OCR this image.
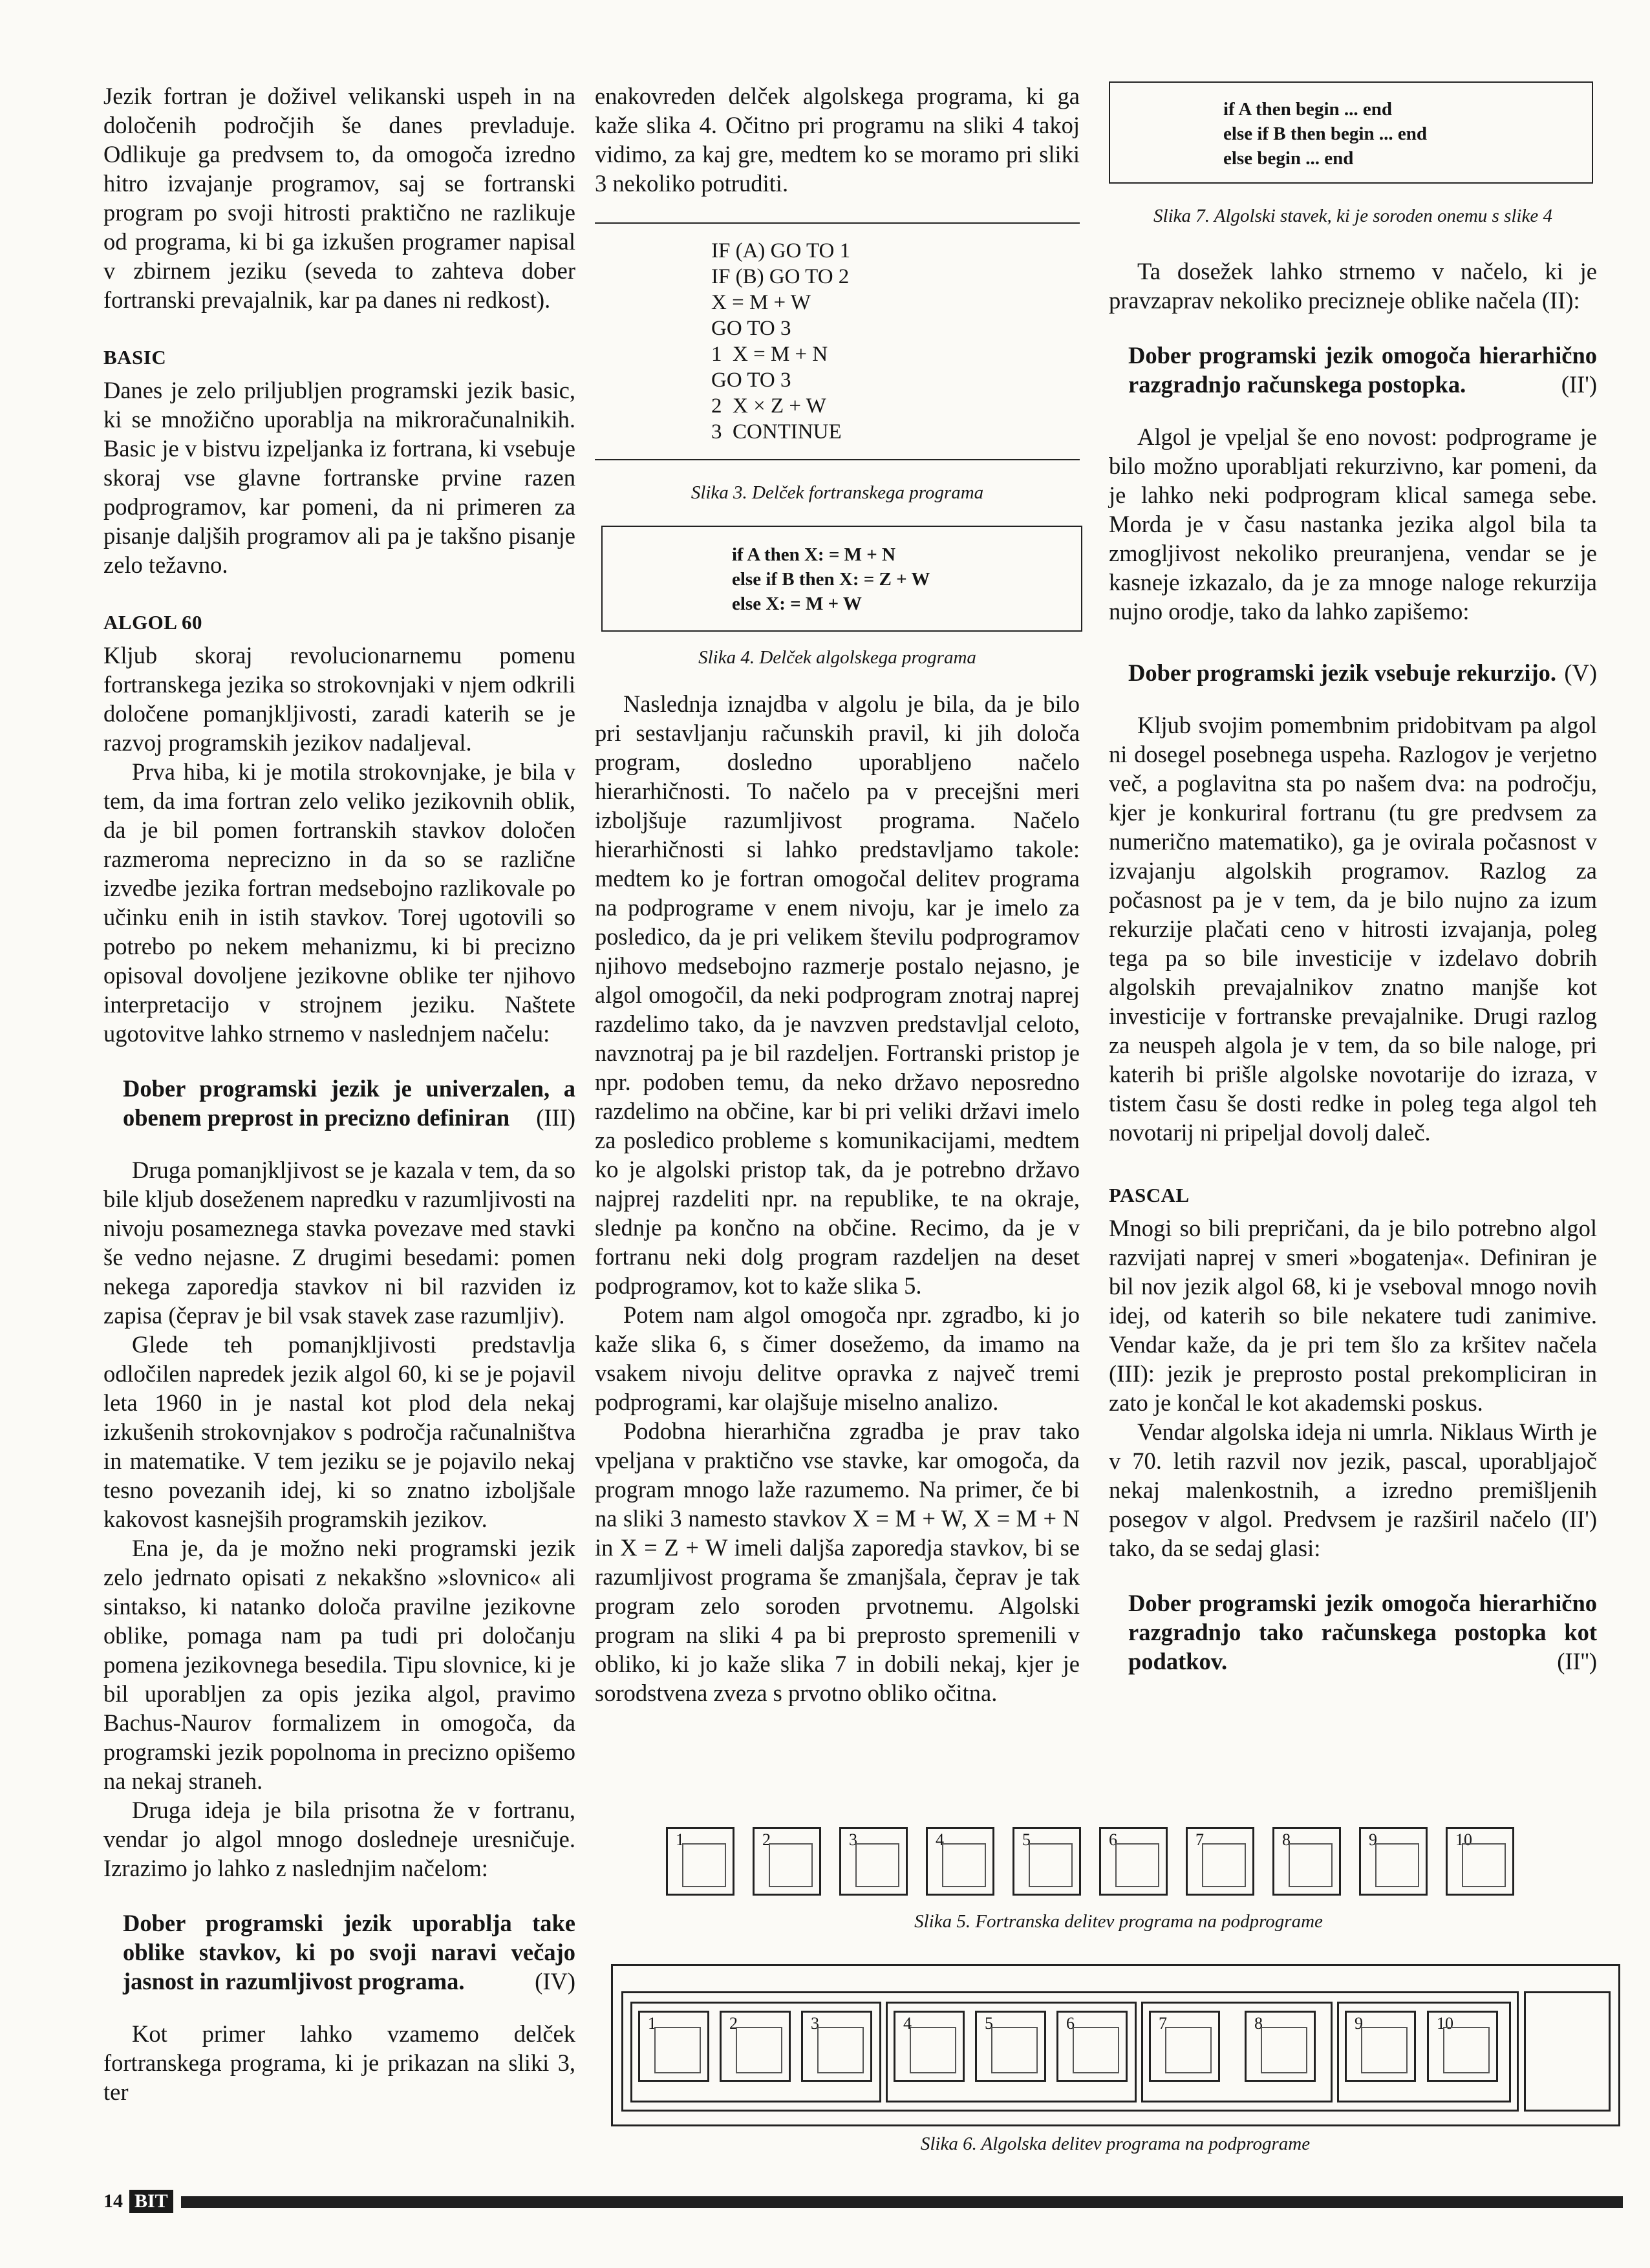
Jezik fortran je doživel velikanski uspeh in na določenih področjih še danes prevladuje. Odlikuje ga predvsem to, da omogoča izredno hitro izvajanje programov, saj se fortranski program po svoji hitrosti praktično ne razlikuje od programa, ki bi ga izkušen programer napisal v zbirnem jeziku (seveda to zahteva dober fortranski prevajalnik, kar pa danes ni redkost).

BASIC

Danes je zelo priljubljen programski jezik basic, ki se množično uporablja na mikroračunalnikih. Basic je v bistvu izpeljanka iz fortrana, ki vsebuje skoraj vse glavne fortranske prvine razen podprogramov, kar pomeni, da ni primeren za pisanje daljših programov ali pa je takšno pisanje zelo težavno.

ALGOL 60

Kljub skoraj revolucionarnemu pomenu fortranskega jezika so strokovnjaki v njem odkrili določene pomanjkljivosti, zaradi katerih se je razvoj programskih jezikov nadaljeval.

Prva hiba, ki je motila strokovnjake, je bila v tem, da ima fortran zelo veliko jezikovnih oblik, da je bil pomen fortranskih stavkov določen razmeroma neprecizno in da so se različne izvedbe jezika fortran medsebojno razlikovale po učinku enih in istih stavkov. Torej ugotovili so potrebo po nekem mehanizmu, ki bi precizno opisoval dovoljene jezikovne oblike ter njihovo interpretacijo v strojnem jeziku. Naštete ugotovitve lahko strnemo v naslednjem načelu:

Dober programski jezik je univerzalen, a obenem preprost in precizno definiran (III)

Druga pomanjkljivost se je kazala v tem, da so bile kljub doseženem napredku v razumljivosti na nivoju posameznega stavka povezave med stavki še vedno nejasne. Z drugimi besedami: pomen nekega zaporedja stavkov ni bil razviden iz zapisa (čeprav je bil vsak stavek zase razumljiv).

Glede teh pomanjkljivosti predstavlja odločilen napredek jezik algol 60, ki se je pojavil leta 1960 in je nastal kot plod dela nekaj izkušenih strokovnjakov s področja računalništva in matematike. V tem jeziku se je pojavilo nekaj tesno povezanih idej, ki so znatno izboljšale kakovost kasnejših programskih jezikov.

Ena je, da je možno neki programski jezik zelo jedrnato opisati z nekakšno »slovnico« ali sintakso, ki natanko določa pravilne jezikovne oblike, pomaga nam pa tudi pri določanju pomena jezikovnega besedila. Tipu slovnice, ki je bil uporabljen za opis jezika algol, pravimo Bachus-Naurov formalizem in omogoča, da programski jezik popolnoma in precizno opišemo na nekaj straneh.

Druga ideja je bila prisotna že v fortranu, vendar jo algol mnogo dosledneje uresničuje. Izrazimo jo lahko z naslednjim načelom:

Dober programski jezik uporablja take oblike stavkov, ki po svoji naravi večajo jasnost in razumljivost programa.	(IV)

Kot primer lahko vzamemo delček fortranskega programa, ki je prikazan na sliki 3, ter

enakovreden delček algolskega programa, ki ga kaže slika 4. Očitno pri programu na sliki 4 takoj vidimo, za kaj gre, medtem ko se moramo pri sliki 3 nekoliko potruditi.

IF (A) GO TO 1
IF (B) GO TO 2
X = M + W
GO TO 3
1  X = M + N
GO TO 3
2  X × Z + W
3  CONTINUE
Slika 3. Delček fortranskega programa
if A then X: = M + N
else if B then X: = Z + W
else X: = M + W
Slika 4. Delček algolskega programa

Naslednja iznajdba v algolu je bila, da je bilo pri sestavljanju računskih pravil, ki jih določa program, dosledno uporabljeno načelo hierarhičnosti. To načelo pa v precejšni meri izboljšuje razumljivost programa. Načelo hierarhičnosti si lahko predstavljamo takole: medtem ko je fortran omogočal delitev programa na podprograme v enem nivoju, kar je imelo za posledico, da je pri velikem številu podprogramov njihovo medsebojno razmerje postalo nejasno, je algol omogočil, da neki podprogram znotraj naprej razdelimo tako, da je navzven predstavljal celoto, navznotraj pa je bil razdeljen. Fortranski pristop je npr. podoben temu, da neko državo neposredno razdelimo na občine, kar bi pri veliki državi imelo za posledico probleme s komunikacijami, medtem ko je algolski pristop tak, da je potrebno državo najprej razdeliti npr. na republike, te na okraje, slednje pa končno na občine. Recimo, da je v fortranu neki dolg program razdeljen na deset podprogramov, kot to kaže slika 5.

Potem nam algol omogoča npr. zgradbo, ki jo kaže slika 6, s čimer dosežemo, da imamo na vsakem nivoju delitve opravka z največ tremi podprogrami, kar olajšuje miselno analizo.

Podobna hierarhična zgradba je prav tako vpeljana v praktično vse stavke, kar omogoča, da program mnogo laže razumemo. Na primer, če bi na sliki 3 namesto stavkov X = M + W, X = M + N in X = Z + W imeli daljša zaporedja stavkov, bi se razumljivost programa še zmanjšala, čeprav je tak program zelo soroden prvotnemu. Algolski program na sliki 4 pa bi preprosto spremenili v obliko, ki jo kaže slika 7 in dobili nekaj, kjer je sorodstvena zveza s prvotno obliko očitna.

if A then begin ... end
else if B then begin ... end
else begin ... end
Slika 7. Algolski stavek, ki je soroden onemu s slike 4

Ta dosežek lahko strnemo v načelo, ki je pravzaprav nekoliko precizneje oblike načela (II):

Dober programski jezik omogoča hierarhično razgradnjo računskega postopka.	(II')

Algol je vpeljal še eno novost: podprograme je bilo možno uporabljati rekurzivno, kar pomeni, da je lahko neki podprogram klical samega sebe. Morda je v času nastanka jezika algol bila ta zmogljivost nekoliko preuranjena, vendar se je kasneje izkazalo, da je za mnoge naloge rekurzija nujno orodje, tako da lahko zapišemo:

Dober programski jezik vsebuje rekurzijo. (V)

Kljub svojim pomembnim pridobitvam pa algol ni dosegel posebnega uspeha. Razlogov je verjetno več, a poglavitna sta po našem dva: na področju, kjer je konkuriral fortranu (tu gre predvsem za numerično matematiko), ga je ovirala počasnost v izvajanju algolskih programov. Razlog za počasnost pa je v tem, da je bilo nujno za izum rekurzije plačati ceno v hitrosti izvajanja, poleg tega pa so bile investicije v izdelavo dobrih algolskih prevajalnikov znatno manjše kot investicije v fortranske prevajalnike. Drugi razlog za neuspeh algola je v tem, da so bile naloge, pri katerih bi prišle algolske novotarije do izraza, v tistem času še dosti redke in poleg tega algol teh novotarij ni pripeljal dovolj daleč.

PASCAL

Mnogi so bili prepričani, da je bilo potrebno algol razvijati naprej v smeri »bogatenja«. Definiran je bil nov jezik algol 68, ki je vseboval mnogo novih idej, od katerih so bile nekatere tudi zanimive. Vendar kaže, da je pri tem šlo za kršitev načela (III): jezik je preprosto postal prekompliciran in zato je končal le kot akademski poskus.

Vendar algolska ideja ni umrla. Niklaus Wirth je v 70. letih razvil nov jezik, pascal, uporabljajoč nekaj malenkostnih, a izredno premišljenih posegov v algol. Predvsem je razširil načelo (II') tako, da se sedaj glasi:

Dober programski jezik omogoča hierarhično razgradnjo tako računskega postopka kot podatkov.	(II'')
1	2	3	4	5	6	7	8	9	10
Slika 5. Fortranska delitev programa na podprograme
1	2	3	4	5	6	7	8	9	10
Slika 6. Algolska delitev programa na podprograme
14 BIT
